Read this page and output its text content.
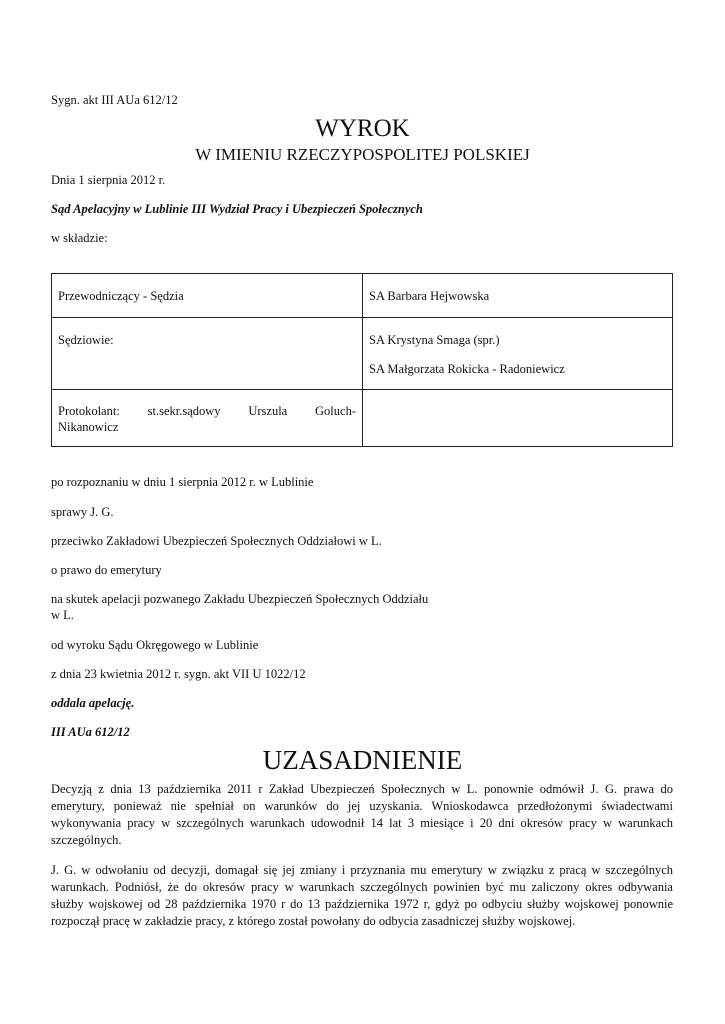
Sygn. akt III AUa 612/12
WYROK
W IMIENIU RZECZYPOSPOLITEJ POLSKIEJ
Dnia 1 sierpnia 2012 r.
Sąd Apelacyjny w Lublinie III Wydział Pracy i Ubezpieczeń Społecznych
w składzie:
Przewodniczący - Sędzia	SA Barbara Hejwowska
Sędziowie:	SA Krystyna Smaga (spr.)
SA Małgorzata Rokicka - Radoniewicz

Protokolant: st.sekr.sądowy Urszula Goluch-
Nikanowicz	

po rozpoznaniu w dniu 1 sierpnia 2012 r. w Lublinie
sprawy J. G.
przeciwko Zakładowi Ubezpieczeń Społecznych Oddziałowi w L.
o prawo do emerytury
na skutek apelacji pozwanego Zakładu Ubezpieczeń Społecznych Oddziału
w L.
od wyroku Sądu Okręgowego w Lublinie
z dnia 23 kwietnia 2012 r. sygn. akt VII U 1022/12
oddala apelację.
III AUa 612/12
UZASADNIENIE
Decyzją z dnia 13 października 2011 r Zakład Ubezpieczeń Społecznych w L. ponownie odmówił J. G. prawa do
emerytury, ponieważ nie spełniał on warunków do jej uzyskania. Wnioskodawca przedłożonymi świadectwami
wykonywania pracy w szczególnych warunkach udowodnił 14 lat 3 miesiące i 20 dni okresów pracy w warunkach
szczególnych.
J. G. w odwołaniu od decyzji, domagał się jej zmiany i przyznania mu emerytury w związku z pracą w szczególnych
warunkach. Podniósł, że do okresów pracy w warunkach szczególnych powinien być mu zaliczony okres odbywania
służby wojskowej od 28 października 1970 r do 13 października 1972 r, gdyż po odbyciu służby wojskowej ponownie
rozpoczął pracę w zakładzie pracy, z którego został powołany do odbycia zasadniczej służby wojskowej.
